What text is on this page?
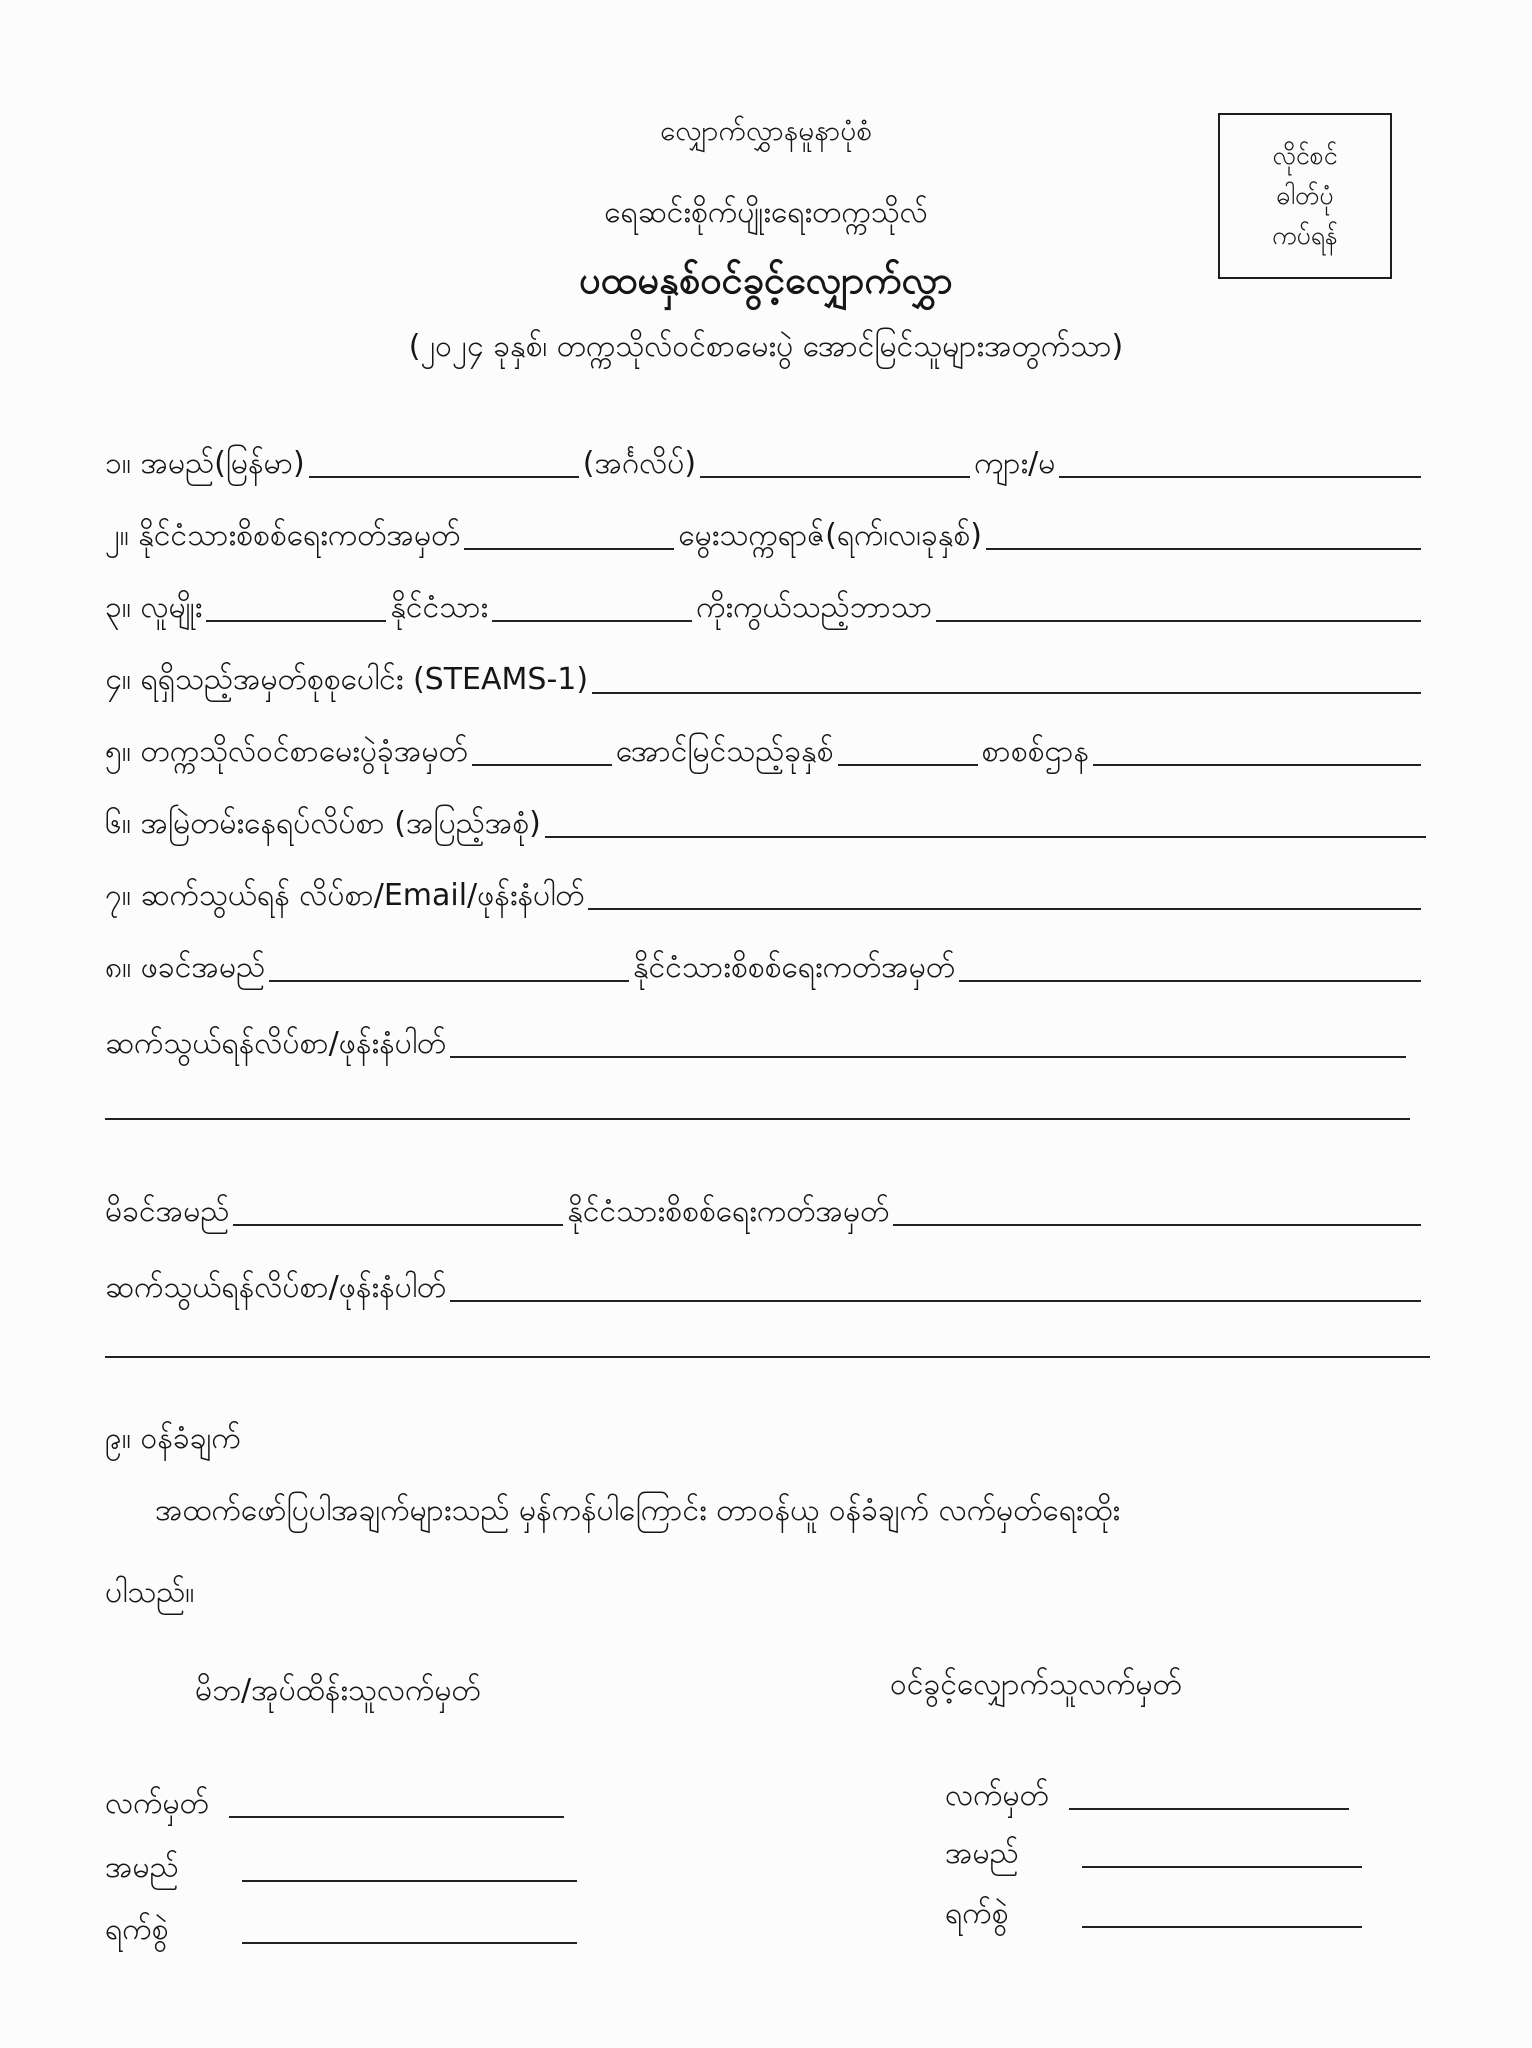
လျှောက်လွှာနမူနာပုံစံ
ရေဆင်းစိုက်ပျိုးရေးတက္ကသိုလ်
ပထမနှစ်ဝင်ခွင့်လျှောက်လွှာ
(၂၀၂၄ ခုနှစ်၊ တက္ကသိုလ်ဝင်စာမေးပွဲ အောင်မြင်သူများအတွက်သာ)
လိုင်စင်
ဓါတ်ပုံ
ကပ်ရန်
၁။ အမည်(မြန်မာ)	(အင်္ဂလိပ်)	ကျား/မ
၂။ နိုင်ငံသားစိစစ်ရေးကတ်အမှတ်	မွေးသက္ကရာဇ်(ရက်၊လ၊ခုနှစ်)
၃။ လူမျိုး	နိုင်ငံသား	ကိုးကွယ်သည့်ဘာသာ
၄။ ရရှိသည့်အမှတ်စုစုပေါင်း (STEAMS-1)
၅။ တက္ကသိုလ်ဝင်စာမေးပွဲခုံအမှတ်	အောင်မြင်သည့်ခုနှစ်	စာစစ်ဌာန
၆။ အမြဲတမ်းနေရပ်လိပ်စာ (အပြည့်အစုံ)
၇။ ဆက်သွယ်ရန် လိပ်စာ/Email/ဖုန်းနံပါတ်
၈။ ဖခင်အမည်	နိုင်ငံသားစိစစ်ရေးကတ်အမှတ်
ဆက်သွယ်ရန်လိပ်စာ/ဖုန်းနံပါတ်
မိခင်အမည်	နိုင်ငံသားစိစစ်ရေးကတ်အမှတ်
ဆက်သွယ်ရန်လိပ်စာ/ဖုန်းနံပါတ်
၉။ ဝန်ခံချက်
အထက်ဖော်ပြပါအချက်များသည် မှန်ကန်ပါကြောင်း တာဝန်ယူ ဝန်ခံချက် လက်မှတ်ရေးထိုး
ပါသည်။
မိဘ/အုပ်ထိန်းသူလက်မှတ်
လက်မှတ်
အမည်
ရက်စွဲ
ဝင်ခွင့်လျှောက်သူလက်မှတ်
လက်မှတ်
အမည်
ရက်စွဲ
